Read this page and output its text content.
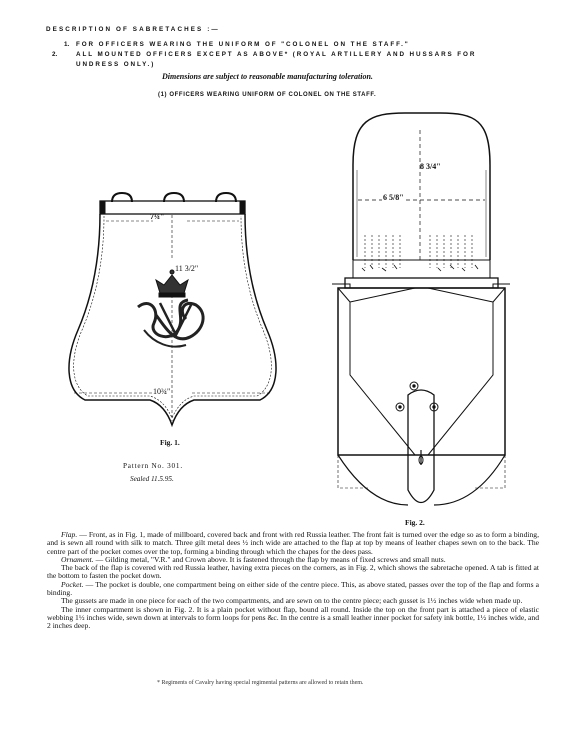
DESCRIPTION OF SABRETACHES :—
1. FOR OFFICERS WEARING THE UNIFORM OF "COLONEL ON THE STAFF."
2.	ALL MOUNTED OFFICERS EXCEPT AS ABOVE* (ROYAL ARTILLERY AND HUSSARS FOR UNDRESS ONLY.)
Dimensions are subject to reasonable manufacturing toleration.
(1) OFFICERS WEARING UNIFORM OF COLONEL ON THE STAFF.
7¼"
11 3/2"
10¾"
Fig. 1.
Pattern No. 301.
Sealed 11.5.95.
8 3/4"
6 5/8"
Fig. 2.

Flap. — Front, as in Fig. 1, made of millboard, covered back and front with red Russia leather. The front fait is turned over the edge so as to form a binding, and is sewn all round with silk to match. Three gilt metal dees ½ inch wide are attached to the flap at top by means of leather chapes sewn on to the back. The centre part of the pocket comes over the top, forming a binding through which the chapes for the dees pass.

Ornament. — Gilding metal, "V.R." and Crown above. It is fastened through the flap by means of fixed screws and small nuts.

The back of the flap is covered with red Russia leather, having extra pieces on the corners, as in Fig. 2, which shows the sabretache opened. A tab is fitted at the bottom to fasten the pocket down.

Pocket. — The pocket is double, one compartment being on either side of the centre piece. This, as above stated, passes over the top of the flap and forms a binding.

The gussets are made in one piece for each of the two compartments, and are sewn on to the centre piece; each gusset is 1½ inches wide when made up.

The inner compartment is shown in Fig. 2. It is a plain pocket without flap, bound all round. Inside the top on the front part is attached a piece of elastic webbing 1½ inches wide, sewn down at intervals to form loops for pens &c. In the centre is a small leather inner pocket for safety ink bottle, 1½ inches wide, and 2 inches deep.

* Regiments of Cavalry having special regimental patterns are allowed to retain them.
